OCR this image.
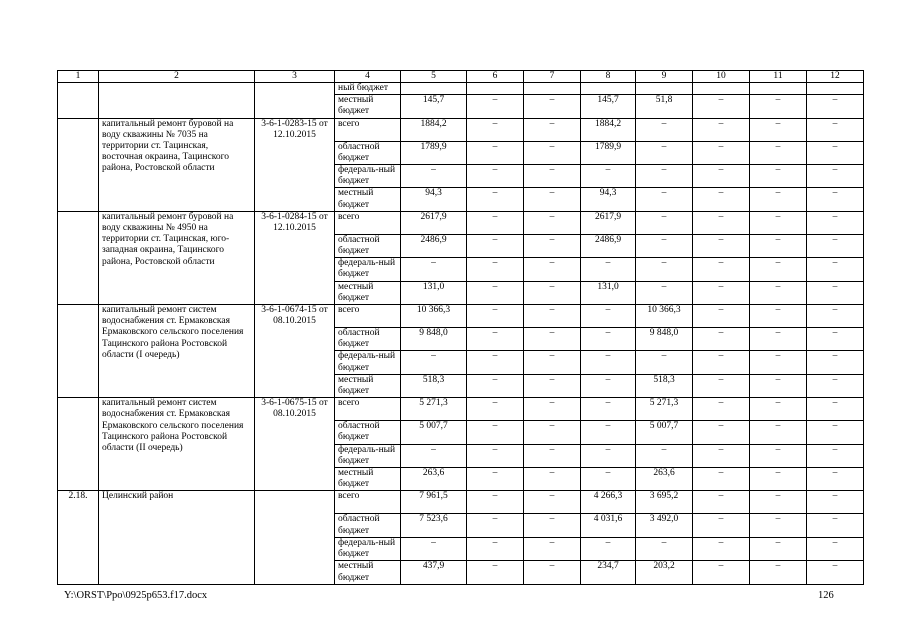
1	2	3	4	5	6	7	8	9	10	11	12
			ный бюджет								
			местный бюджет	145,7	–	–	145,7	51,8	–	–	–
	капитальный ремонт буровой на воду скважины № 7035 на территории ст. Тацинская, восточная окраина, Тацинского района, Ростовской области	3-6-1-0283-15 от 12.10.2015	всего	1884,2	–	–	1884,2	–	–	–	–
			областной бюджет	1789,9	–	–	1789,9	–	–	–	–
			федераль-ный бюджет	–	–	–	–	–	–	–	–
			местный бюджет	94,3	–	–	94,3	–	–	–	–
	капитальный ремонт буровой на воду скважины № 4950 на территории ст. Тацинская, юго-западная окраина, Тацинского района, Ростовской области	3-6-1-0284-15 от 12.10.2015	всего	2617,9	–	–	2617,9	–	–	–	–
			областной бюджет	2486,9	–	–	2486,9	–	–	–	–
			федераль-ный бюджет	–	–	–	–	–	–	–	–
			местный бюджет	131,0	–	–	131,0	–	–	–	–
	капитальный ремонт систем водоснабжения ст. Ермаковская Ермаковского сельского поселения Тацинского района Ростовской области (I очередь)	3-6-1-0674-15 от 08.10.2015	всего	10 366,3	–	–	–	10 366,3	–	–	–
			областной бюджет	9 848,0	–	–	–	9 848,0	–	–	–
			федераль-ный бюджет	–	–	–	–	–	–	–	–
			местный бюджет	518,3	–	–	–	518,3	–	–	–
	капитальный ремонт систем водоснабжения ст. Ермаковская Ермаковского сельского поселения Тацинского района Ростовской области (II очередь)	3-6-1-0675-15 от 08.10.2015	всего	5 271,3	–	–	–	5 271,3	–	–	–
			областной бюджет	5 007,7	–	–	–	5 007,7	–	–	–
			федераль-ный бюджет	–	–	–	–	–	–	–	–
			местный бюджет	263,6	–	–	–	263,6	–	–	–
2.18.	Целинский район		всего	7 961,5	–	–	4 266,3	3 695,2	–	–	–
			областной бюджет	7 523,6	–	–	4 031,6	3 492,0	–	–	–
			федераль-ный бюджет	–	–	–	–	–	–	–	–
			местный бюджет	437,9	–	–	234,7	203,2	–	–	–
Y:\ORST\Ppo\0925p653.f17.docx	126
